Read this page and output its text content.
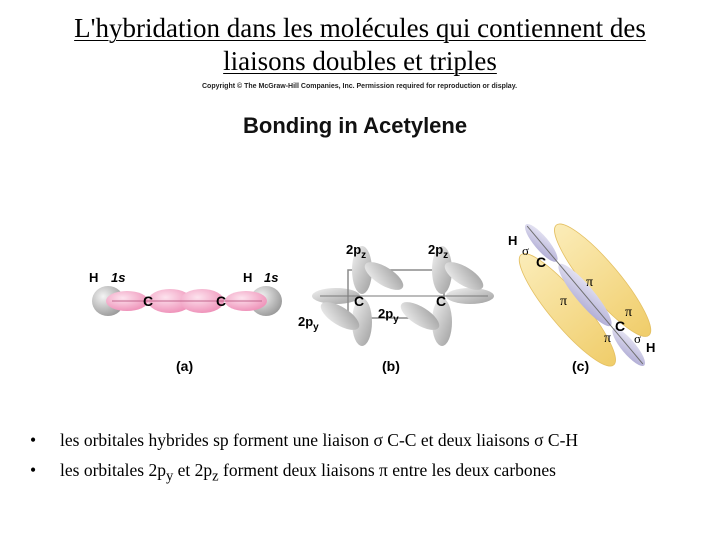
L'hybridation dans les molécules qui contiennent des liaisons doubles et triples
Copyright © The McGraw-Hill Companies, Inc. Permission required for reproduction or display.
Bonding in Acetylene
H 1s	H 1s
C	C
(a)
$2p_z$	$2p_z$
$2p_y$
$2p_y$
C	C
(b)
H
σ
C
π
π
π
π
C
σ
H
(c)
• les orbitales hybrides sp forment une liaison σ C-C et deux liaisons σ C-H
• les orbitales $2p_y$ et $2p_z$ forment deux liaisons π entre les deux carbones
